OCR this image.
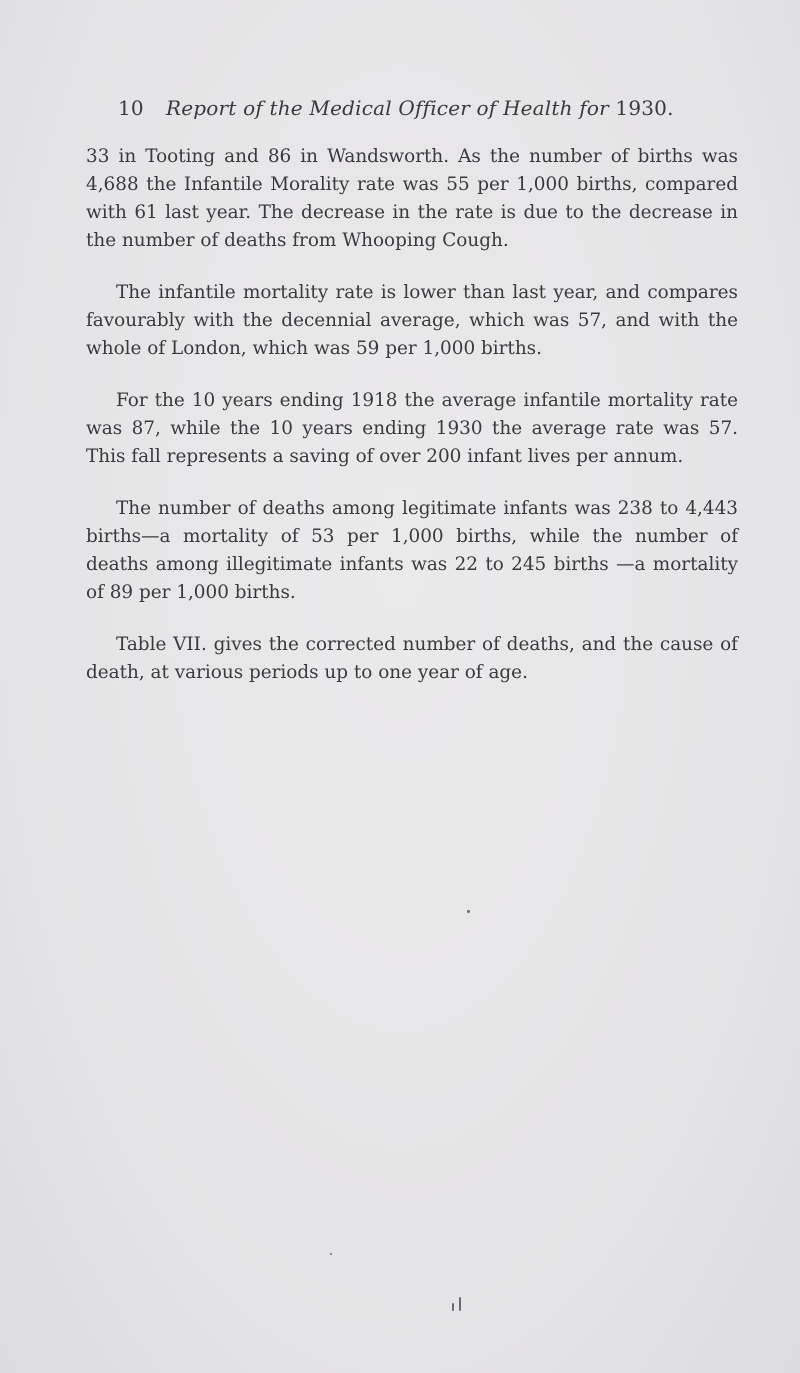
10 Report of the Medical Officer of Health for 1930.

33 in Tooting and 86 in Wandsworth. As the number of births was 4,688 the Infantile Morality rate was 55 per 1,000 births, compared with 61 last year. The decrease in the rate is due to the decrease in the number of deaths from Whooping Cough.

The infantile mortality rate is lower than last year, and compares favourably with the decennial average, which was 57, and with the whole of London, which was 59 per 1,000 births.

For the 10 years ending 1918 the average infantile mortality rate was 87, while the 10 years ending 1930 the average rate was 57. This fall represents a saving of over 200 infant lives per annum.

The number of deaths among legitimate infants was 238 to 4,443 births—a mortality of 53 per 1,000 births, while the number of deaths among illegitimate infants was 22 to 245 births —a mortality of 89 per 1,000 births.

Table VII. gives the corrected number of deaths, and the cause of death, at various periods up to one year of age.
